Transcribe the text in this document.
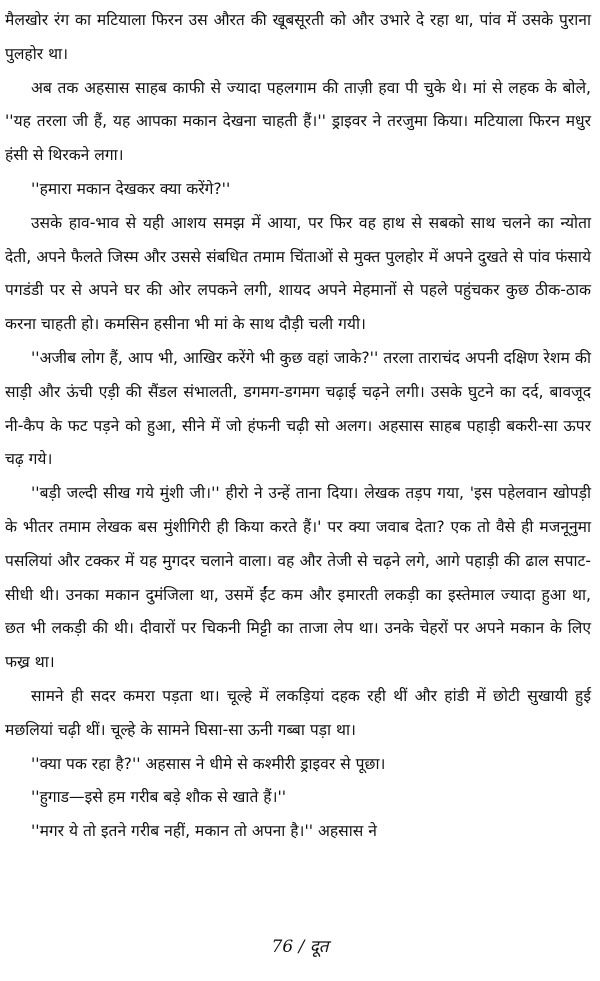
मैलखोर रंग का मटियाला फिरन उस औरत की खूबसूरती को और उभारे दे रहा था, पांव में उसके पुराना पुलहोर था।

अब तक अहसास साहब काफी से ज्यादा पहलगाम की ताज़ी हवा पी चुके थे। मां से लहक के बोले, ''यह तरला जी हैं, यह आपका मकान देखना चाहती हैं।'' ड्राइवर ने तरजुमा किया। मटियाला फिरन मधुर हंसी से थिरकने लगा।

''हमारा मकान देखकर क्या करेंगे?''

उसके हाव-भाव से यही आशय समझ में आया, पर फिर वह हाथ से सबको साथ चलने का न्योता देती, अपने फैलते जिस्म और उससे संबधित तमाम चिंताओं से मुक्त पुलहोर में अपने दुखते से पांव फंसाये पगडंडी पर से अपने घर की ओर लपकने लगी, शायद अपने मेहमानों से पहले पहुंचकर कुछ ठीक-ठाक करना चाहती हो। कमसिन हसीना भी मां के साथ दौड़ी चली गयी।

''अजीब लोग हैं, आप भी, आखिर करेंगे भी कुछ वहां जाके?'' तरला ताराचंद अपनी दक्षिण रेशम की साड़ी और ऊंची एड़ी की सैंडल संभालती, डगमग-डगमग चढ़ाई चढ़ने लगी। उसके घुटने का दर्द, बावजूद नी-कैप के फट पड़ने को हुआ, सीने में जो हंफनी चढ़ी सो अलग। अहसास साहब पहाड़ी बकरी-सा ऊपर चढ़ गये।

''बड़ी जल्दी सीख गये मुंशी जी।'' हीरो ने उन्हें ताना दिया। लेखक तड़प गया, 'इस पहेलवान खोपड़ी के भीतर तमाम लेखक बस मुंशीगिरी ही किया करते हैं।' पर क्या जवाब देता? एक तो वैसे ही मजनूनुमा पसलियां और टक्कर में यह मुगदर चलाने वाला। वह और तेजी से चढ़ने लगे, आगे पहाड़ी की ढाल सपाट-सीधी थी। उनका मकान दुमंजिला था, उसमें ईंट कम और इमारती लकड़ी का इस्तेमाल ज्यादा हुआ था, छत भी लकड़ी की थी। दीवारों पर चिकनी मिट्टी का ताजा लेप था। उनके चेहरों पर अपने मकान के लिए फख्र था।

सामने ही सदर कमरा पड़ता था। चूल्हे में लकड़ियां दहक रही थीं और हांडी में छोटी सुखायी हुई मछलियां चढ़ी थीं। चूल्हे के सामने घिसा-सा ऊनी गब्बा पड़ा था।

''क्या पक रहा है?'' अहसास ने धीमे से कश्मीरी ड्राइवर से पूछा।

''हुगाड—इसे हम गरीब बड़े शौक से खाते हैं।''

''मगर ये तो इतने गरीब नहीं, मकान तो अपना है।'' अहसास ने

76 / दूत
